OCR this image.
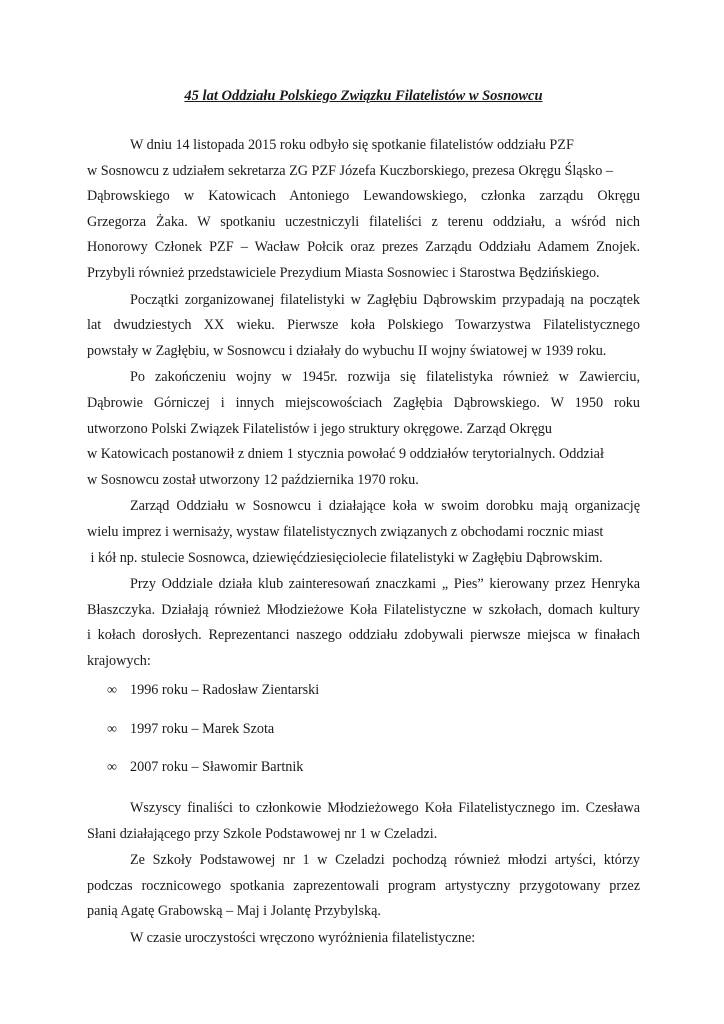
45 lat Oddziału Polskiego Związku Filatelistów w Sosnowcu
W dniu 14 listopada 2015 roku odbyło się spotkanie filatelistów oddziału PZF
w Sosnowcu z udziałem sekretarza ZG PZF Józefa Kuczborskiego, prezesa Okręgu Śląsko –
Dąbrowskiego w Katowicach Antoniego Lewandowskiego, członka zarządu Okręgu
Grzegorza Żaka. W spotkaniu uczestniczyli filateliści z terenu oddziału, a wśród nich
Honorowy Członek PZF – Wacław Połcik oraz prezes Zarządu Oddziału Adamem Znojek.
Przybyli również przedstawiciele Prezydium Miasta Sosnowiec i Starostwa Będzińskiego.
Początki zorganizowanej filatelistyki w Zagłębiu Dąbrowskim przypadają na początek
lat dwudziestych XX wieku. Pierwsze koła Polskiego Towarzystwa Filatelistycznego
powstały w Zagłębiu, w Sosnowcu i działały do wybuchu II wojny światowej w 1939 roku.
Po zakończeniu wojny w 1945r. rozwija się filatelistyka również w Zawierciu,
Dąbrowie Górniczej i innych miejscowościach Zagłębia Dąbrowskiego. W 1950 roku
utworzono Polski Związek Filatelistów i jego struktury okręgowe. Zarząd Okręgu
w Katowicach postanowił z dniem 1 stycznia powołać 9 oddziałów terytorialnych. Oddział
w Sosnowcu został utworzony 12 października 1970 roku.
Zarząd Oddziału w Sosnowcu i działające koła w swoim dorobku mają organizację
wielu imprez i wernisaży, wystaw filatelistycznych związanych z obchodami rocznic miast
i kół np. stulecie Sosnowca, dziewięćdziesięciolecie filatelistyki w Zagłębiu Dąbrowskim.
Przy Oddziale działa klub zainteresowań znaczkami „ Pies” kierowany przez Henryka
Błaszczyka. Działają również Młodzieżowe Koła Filatelistyczne w szkołach, domach kultury
i kołach dorosłych. Reprezentanci naszego oddziału zdobywali pierwsze miejsca w finałach
krajowych:
∞ 1996 roku – Radosław Zientarski
∞ 1997 roku – Marek Szota
∞ 2007 roku – Sławomir Bartnik
Wszyscy finaliści to członkowie Młodzieżowego Koła Filatelistycznego im. Czesława
Słani działającego przy Szkole Podstawowej nr 1 w Czeladzi.
Ze Szkoły Podstawowej nr 1 w Czeladzi pochodzą również młodzi artyści, którzy
podczas rocznicowego spotkania zaprezentowali program artystyczny przygotowany przez
panią Agatę Grabowską – Maj i Jolantę Przybylską.
W czasie uroczystości wręczono wyróżnienia filatelistyczne:
